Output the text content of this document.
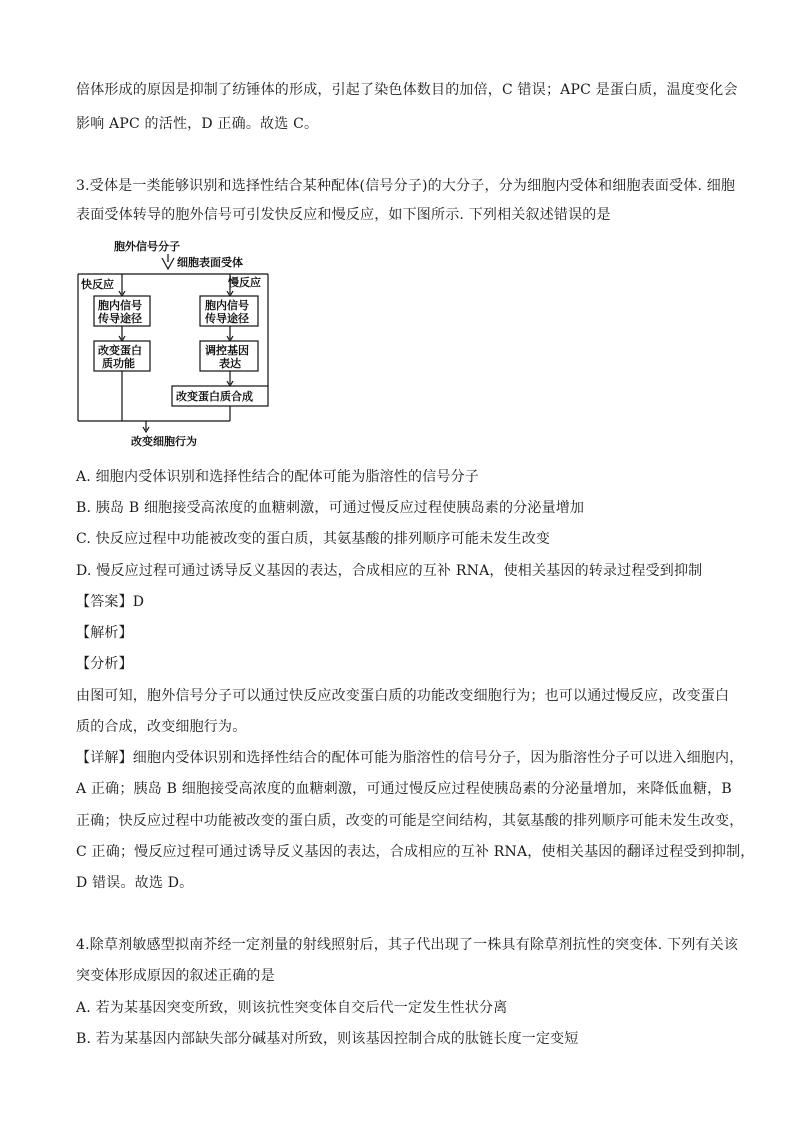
倍体形成的原因是抑制了纺锤体的形成，引起了染色体数目的加倍，C 错误；APC 是蛋白质，温度变化会
影响 APC 的活性，D 正确。故选 C。
3.受体是一类能够识别和选择性结合某种配体(信号分子)的大分子，分为细胞内受体和细胞表面受体. 细胞
表面受体转导的胞外信号可引发快反应和慢反应，如下图所示. 下列相关叙述错误的是
胞外信号分子
细胞表面受体
快反应	慢反应
胞内信号
传导途径
胞内信号
传导途径
改变蛋白
质功能
调控基因
表达
改变蛋白质合成
改变细胞行为
A. 细胞内受体识别和选择性结合的配体可能为脂溶性的信号分子
B. 胰岛 B 细胞接受高浓度的血糖刺激，可通过慢反应过程使胰岛素的分泌量增加
C. 快反应过程中功能被改变的蛋白质，其氨基酸的排列顺序可能未发生改变
D. 慢反应过程可通过诱导反义基因的表达，合成相应的互补 RNA，使相关基因的转录过程受到抑制
【答案】D
【解析】
【分析】
由图可知，胞外信号分子可以通过快反应改变蛋白质的功能改变细胞行为；也可以通过慢反应，改变蛋白
质的合成，改变细胞行为。
【详解】细胞内受体识别和选择性结合的配体可能为脂溶性的信号分子，因为脂溶性分子可以进入细胞内，
A 正确；胰岛 B 细胞接受高浓度的血糖刺激，可通过慢反应过程使胰岛素的分泌量增加，来降低血糖，B
正确；快反应过程中功能被改变的蛋白质，改变的可能是空间结构，其氨基酸的排列顺序可能未发生改变，
C 正确；慢反应过程可通过诱导反义基因的表达，合成相应的互补 RNA，使相关基因的翻译过程受到抑制，
D 错误。故选 D。
4.除草剂敏感型拟南芥经一定剂量的射线照射后，其子代出现了一株具有除草剂抗性的突变体. 下列有关该
突变体形成原因的叙述正确的是
A. 若为某基因突变所致，则该抗性突变体自交后代一定发生性状分离
B. 若为某基因内部缺失部分碱基对所致，则该基因控制合成的肽链长度一定变短
